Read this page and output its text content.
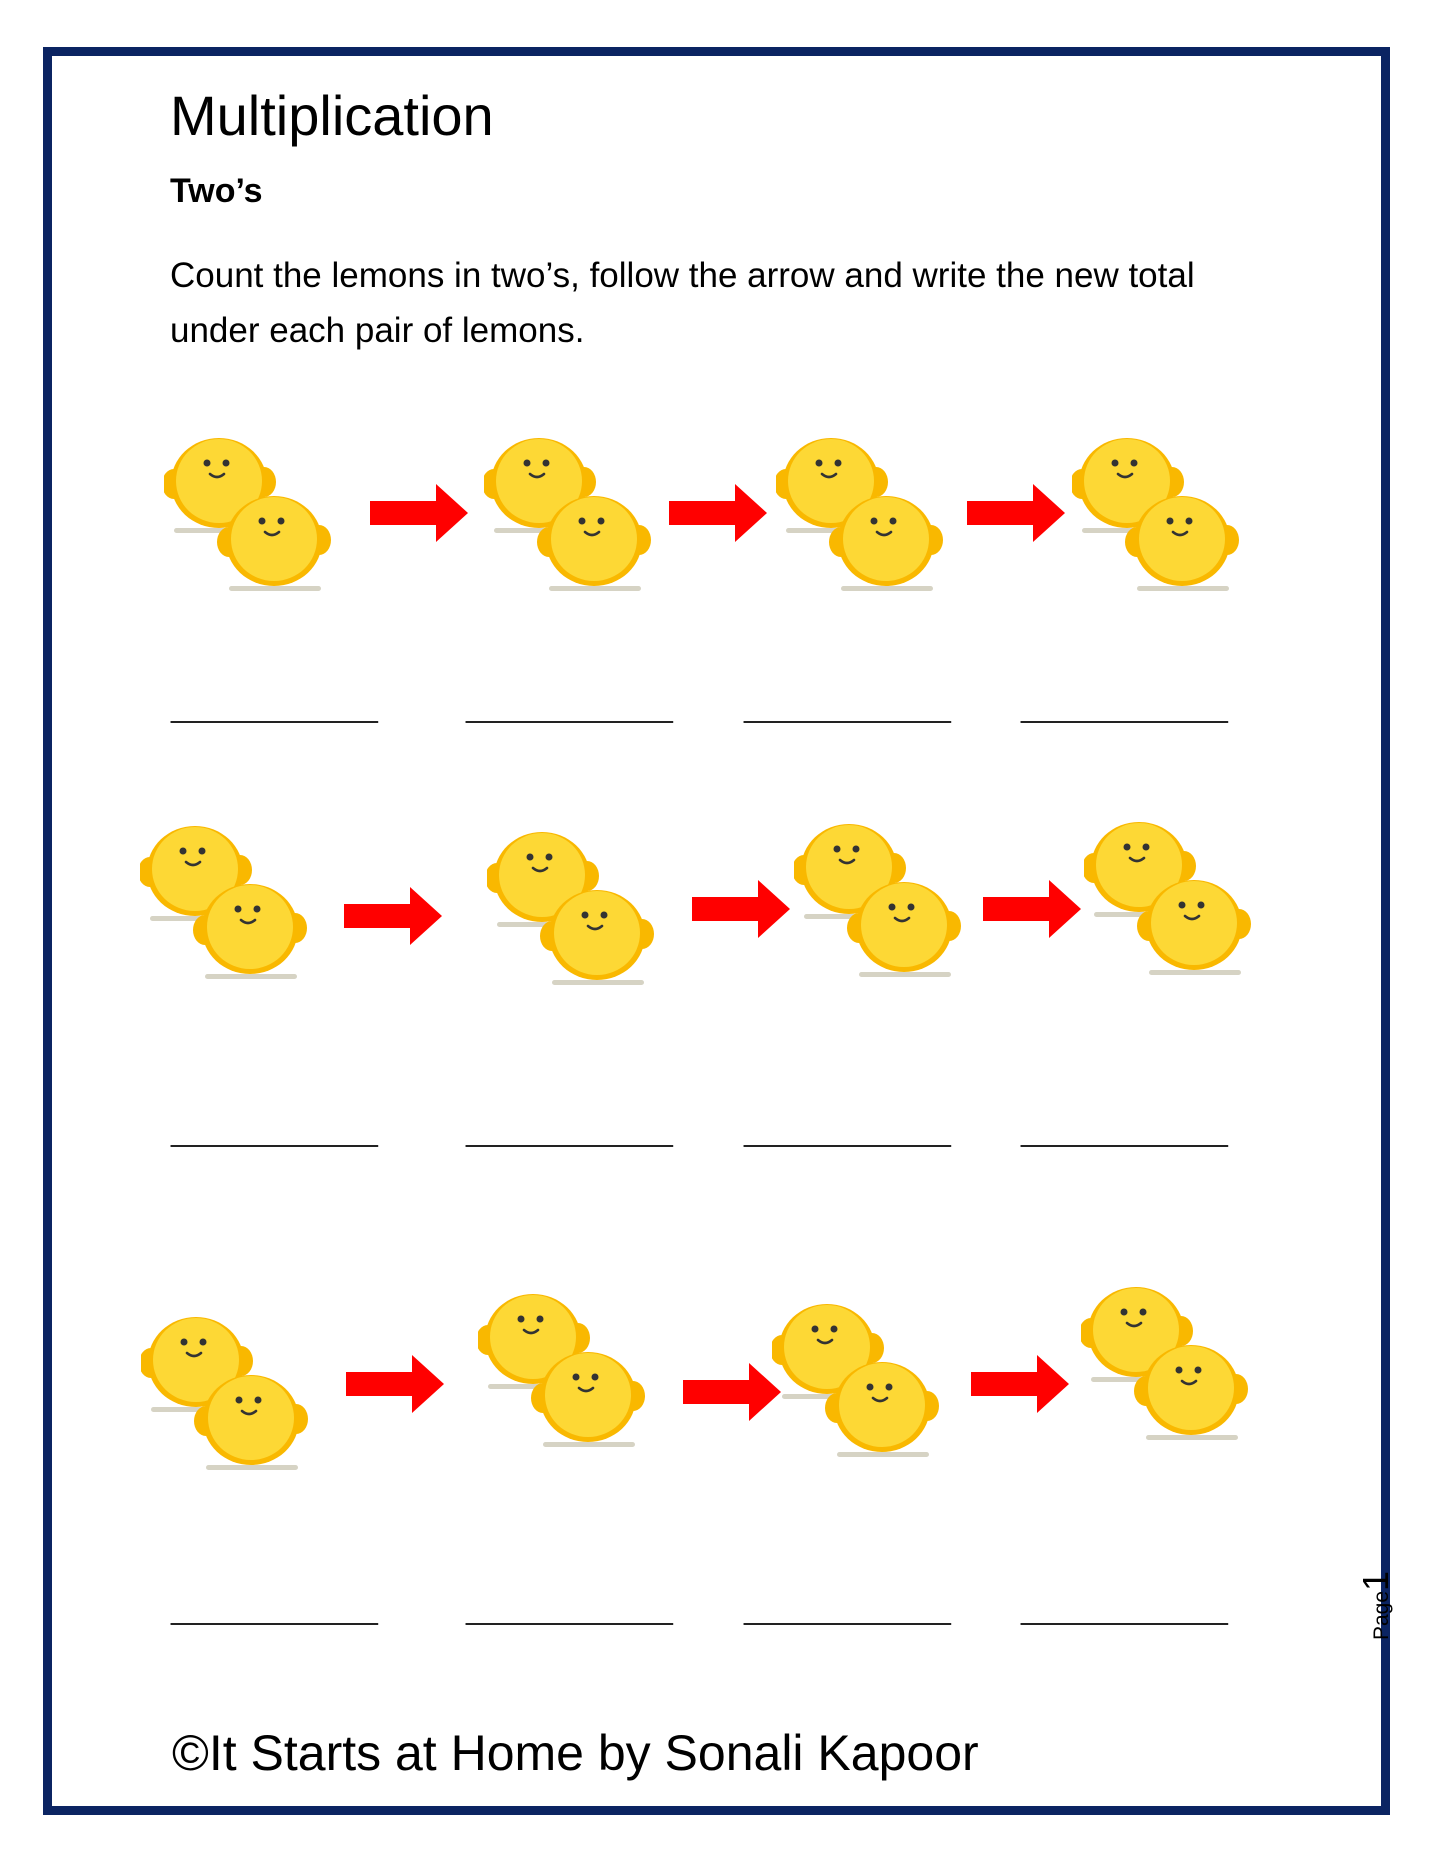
Multiplication
Two’s

Count the lemons in two’s, follow the arrow and write the new total under each pair of lemons.

____________	____________ ____________ ____________
____________	____________ ____________ ____________
____________	____________ ____________ ____________
©It Starts at Home by Sonali Kapoor
Page1
